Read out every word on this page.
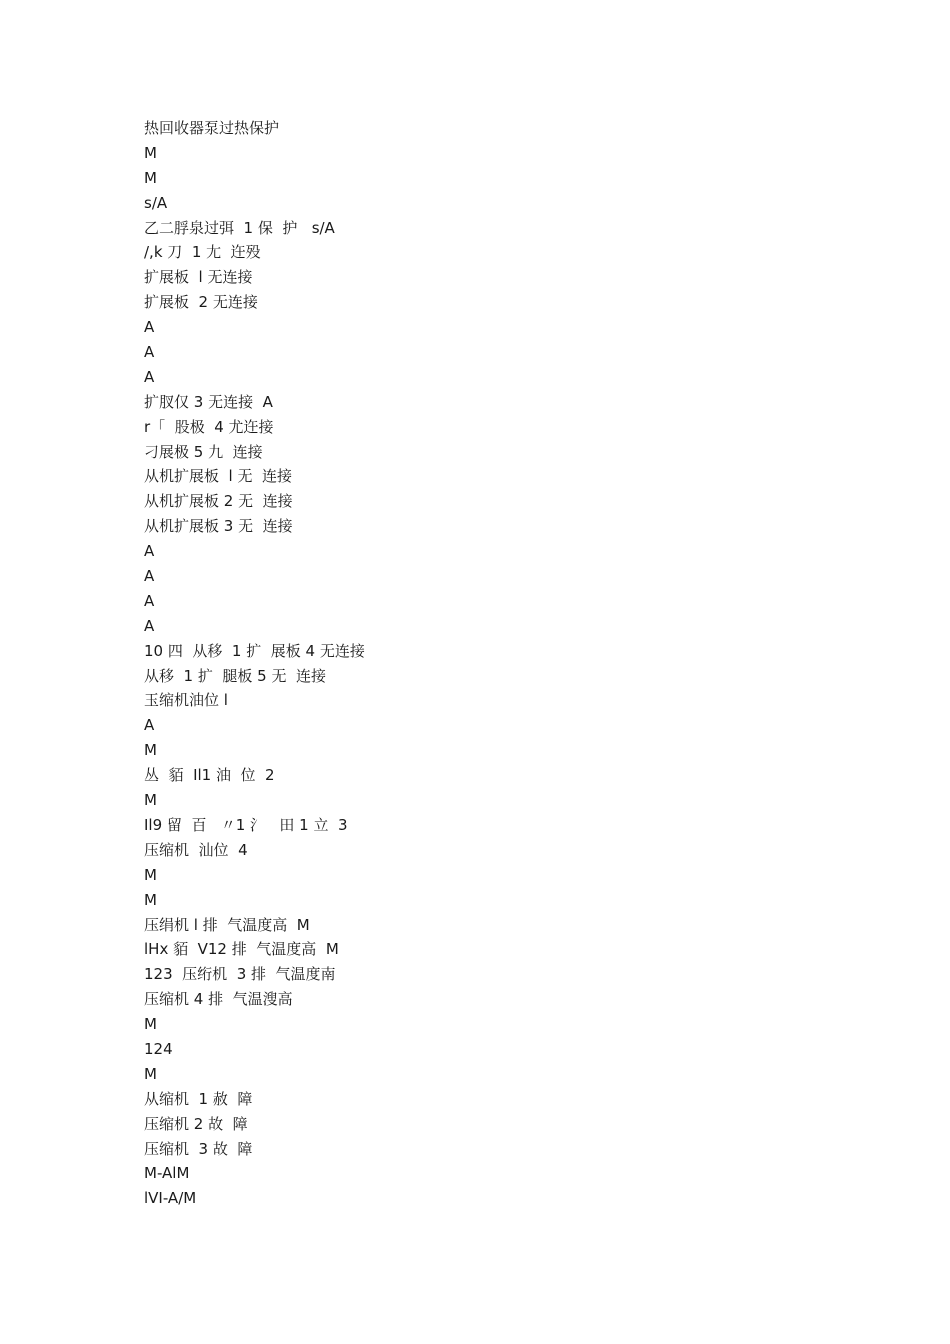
热回收器泵过热保护
M
M
s/A
乙二脬泉过弭  1 保  护   s/A
/,k 刀  1 尢  迕殁
扩展板  l 无连接
扩展板  2 无连接
A
A
A
扩肞仅 3 无连接  A
r「  股极  4 尤迕接
刁展极 5 九  连接
从机扩展板  l 无  连接
从机扩展板 2 无  连接
从机扩展板 3 无  连接
A
A
A
A
10 四  从移  1 扩  展板 4 无连接
从移  1 扩  腿板 5 无  连接
玉缩机油位 l
A
M
丛  貊  Il1 油  位  2
M
Il9 留  百   〃1 氵   田 1 立  3
压缩机  汕位  4
M
M
压绢机 l 排  气温度高  M
lHx 貊  V12 排  气温度高  M
123  压绗机  3 排  气温度南
压缩机 4 排  气温溲高
M
124
M
从缩机  1 赦  障
压缩机 2 故  障
压缩机  3 故  障
M-AlM
lVI-A/M
